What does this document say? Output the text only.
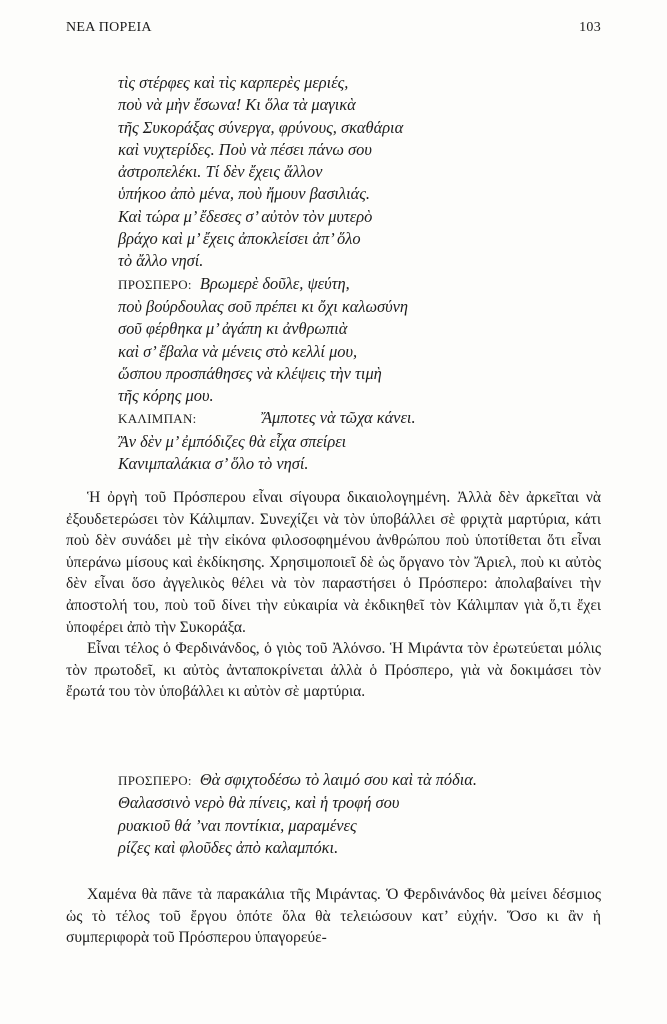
ΝΕΑ ΠΟΡΕΙΑ	103
τὶς στέρφες καὶ τὶς καρπερὲς μεριές,
ποὺ νὰ μὴν ἔσωνα! Κι ὅλα τὰ μαγικὰ
τῆς Συκοράξας σύνεργα, φρύνους, σκαθάρια
καὶ νυχτερίδες. Ποὺ νὰ πέσει πάνω σου
ἀστροπελέκι. Τί δὲν ἔχεις ἄλλον
ὑπήκοο ἀπὸ μένα, ποὺ ἤμουν βασιλιάς.
Καὶ τώρα μ’ ἔδεσες σ’ αὐτὸν τὸν μυτερὸ
βράχο καὶ μ’ ἔχεις ἀποκλείσει ἀπ’ ὅλο
τὸ ἄλλο νησί.
ΠΡΟΣΠΕΡΟ: Βρωμερὲ δοῦλε, ψεύτη,
ποὺ βούρδουλας σοῦ πρέπει κι ὄχι καλωσύνη
σοῦ φέρθηκα μ’ ἀγάπη κι ἀνθρωπιὰ
καὶ σ’ ἔβαλα νὰ μένεις στὸ κελλί μου,
ὥσπου προσπάθησες νὰ κλέψεις τὴν τιμὴ
τῆς κόρης μου.
ΚΑΛΙΜΠΑΝ:	Ἄμποτες νὰ τῶχα κάνει.
Ἂν δὲν μ’ ἐμπόδιζες θὰ εἶχα σπείρει
Κανιμπαλάκια σ’ ὅλο τὸ νησί.

Ἡ ὀργὴ τοῦ Πρόσπερου εἶναι σίγουρα δικαιολογημένη. Ἀλλὰ δὲν ἀρκεῖται νὰ ἐξουδετερώσει τὸν Κάλιμπαν. Συνεχίζει νὰ τὸν ὑποβάλλει σὲ φριχτὰ μαρτύρια, κάτι ποὺ δὲν συνάδει μὲ τὴν εἰκόνα φιλοσοφημένου ἀνθρώπου ποὺ ὑποτίθεται ὅτι εἶναι ὑπεράνω μίσους καὶ ἐκδίκησης. Χρησιμοποιεῖ δὲ ὡς ὄργανο τὸν Ἄριελ, ποὺ κι αὐτὸς δὲν εἶναι ὅσο ἀγγελικὸς θέλει νὰ τὸν παραστήσει ὁ Πρόσπερο: ἀπολαβαίνει τὴν ἀποστολή του, ποὺ τοῦ δίνει τὴν εὐκαιρία νὰ ἐκδικηθεῖ τὸν Κάλιμπαν γιὰ ὅ,τι ἔχει ὑποφέρει ἀπὸ τὴν Συκοράξα.

Εἶναι τέλος ὁ Φερδινάνδος, ὁ γιὸς τοῦ Ἀλόνσο. Ἡ Μιράντα τὸν ἐρωτεύεται μόλις τὸν πρωτοδεῖ, κι αὐτὸς ἀνταποκρίνεται ἀλλὰ ὁ Πρόσπερο, γιὰ νὰ δοκιμάσει τὸν ἔρωτά του τὸν ὑποβάλλει κι αὐτὸν σὲ μαρτύρια.

ΠΡΟΣΠΕΡΟ: Θὰ σφιχτοδέσω τὸ λαιμό σου καὶ τὰ πόδια.
Θαλασσινὸ νερὸ θὰ πίνεις, καὶ ἡ τροφή σου
ρυακιοῦ θά ’ναι ποντίκια, μαραμένες
ρίζες καὶ φλοῦδες ἀπὸ καλαμπόκι.

Χαμένα θὰ πᾶνε τὰ παρακάλια τῆς Μιράντας. Ὁ Φερδινάνδος θὰ μείνει δέσμιος ὡς τὸ τέλος τοῦ ἔργου ὁπότε ὅλα θὰ τελειώσουν κατ’ εὐχήν. Ὅσο κι ἂν ἡ συμπεριφορὰ τοῦ Πρόσπερου ὑπαγορεύε-
